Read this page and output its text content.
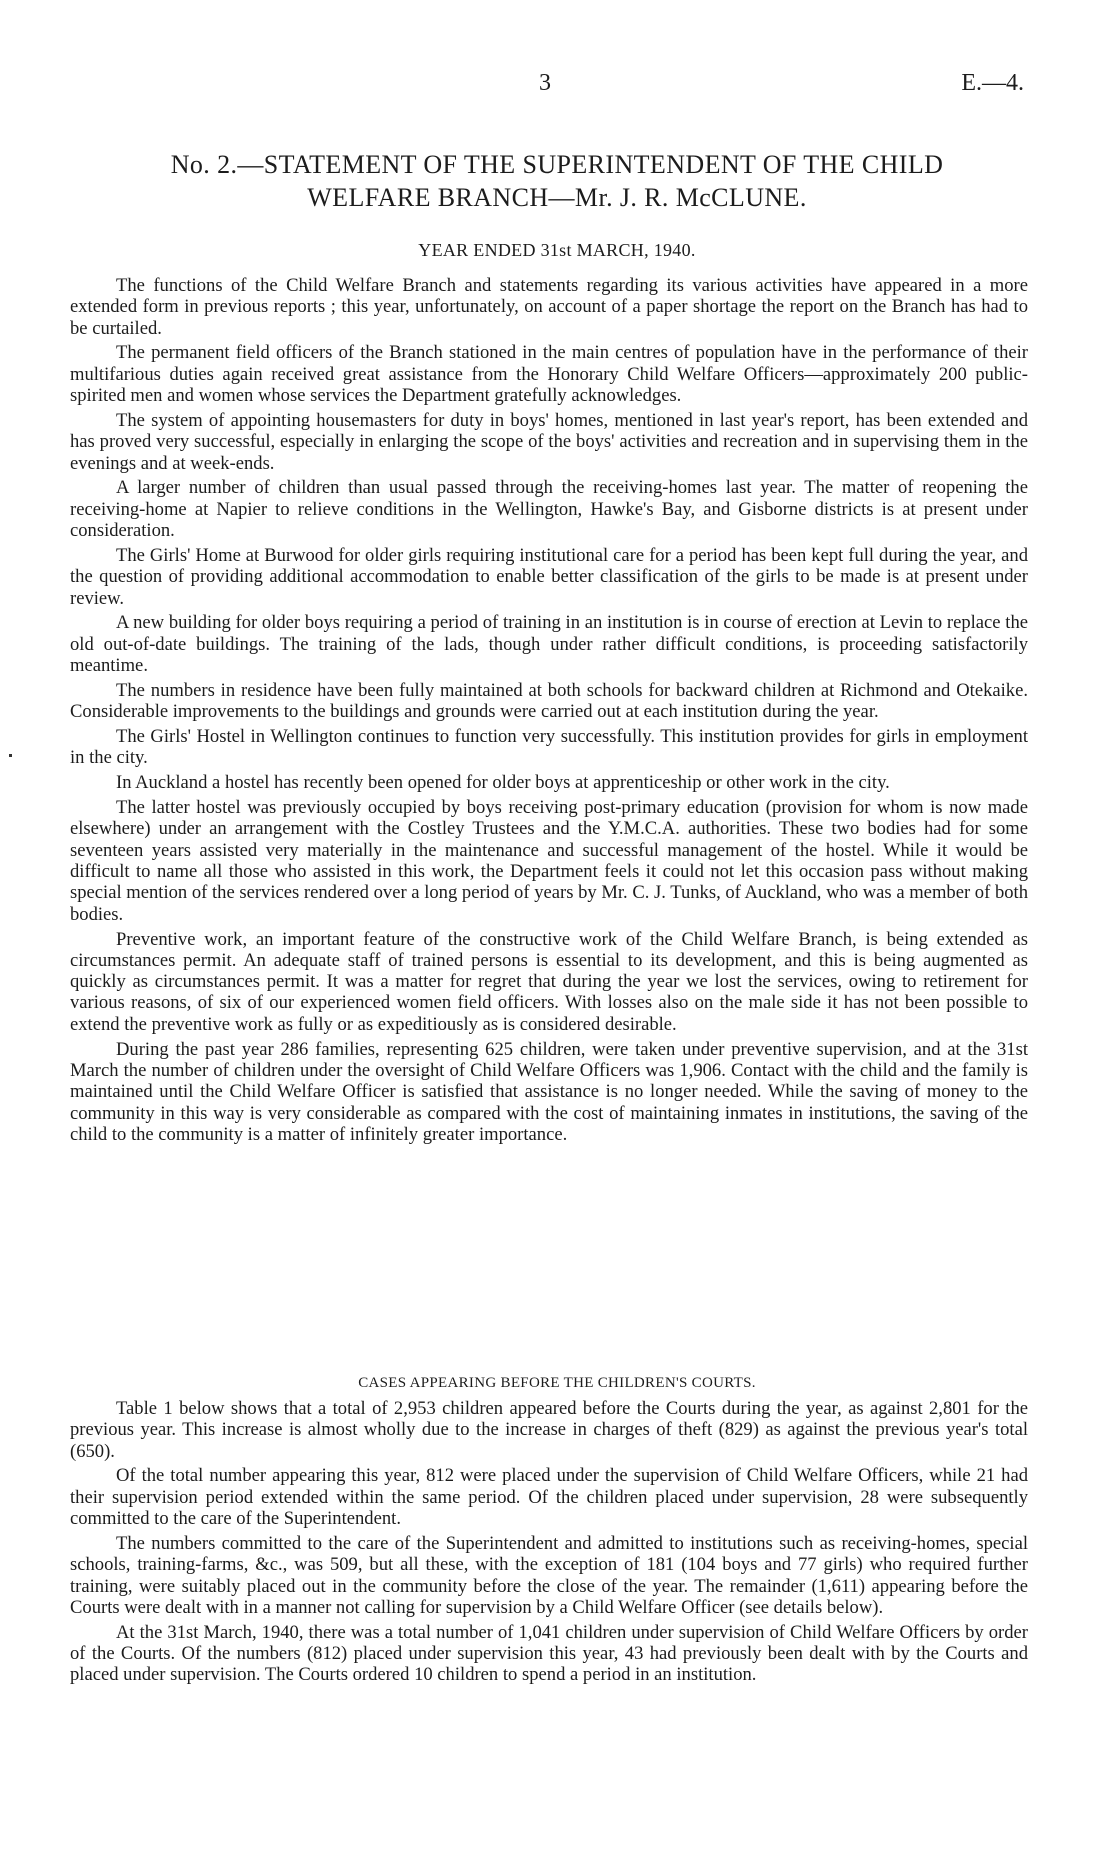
3	E.—4.
No. 2.—STATEMENT OF THE SUPERINTENDENT OF THE CHILD
WELFARE BRANCH—Mr. J. R. McCLUNE.
YEAR ENDED 31st MARCH, 1940.

The functions of the Child Welfare Branch and statements regarding its various activities have appeared in a more extended form in previous reports ; this year, unfortunately, on account of a paper shortage the report on the Branch has had to be curtailed.

The permanent field officers of the Branch stationed in the main centres of population have in the performance of their multifarious duties again received great assistance from the Honorary Child Welfare Officers—approximately 200 public-spirited men and women whose services the Department gratefully acknowledges.

The system of appointing housemasters for duty in boys' homes, mentioned in last year's report, has been extended and has proved very successful, especially in enlarging the scope of the boys' activities and recreation and in supervising them in the evenings and at week-ends.

A larger number of children than usual passed through the receiving-homes last year. The matter of reopening the receiving-home at Napier to relieve conditions in the Wellington, Hawke's Bay, and Gisborne districts is at present under consideration.

The Girls' Home at Burwood for older girls requiring institutional care for a period has been kept full during the year, and the question of providing additional accommodation to enable better classification of the girls to be made is at present under review.

A new building for older boys requiring a period of training in an institution is in course of erection at Levin to replace the old out-of-date buildings. The training of the lads, though under rather difficult conditions, is proceeding satisfactorily meantime.

The numbers in residence have been fully maintained at both schools for backward children at Richmond and Otekaike. Considerable improvements to the buildings and grounds were carried out at each institution during the year.

The Girls' Hostel in Wellington continues to function very successfully. This institution provides for girls in employment in the city.

In Auckland a hostel has recently been opened for older boys at apprenticeship or other work in the city.

The latter hostel was previously occupied by boys receiving post-primary education (provision for whom is now made elsewhere) under an arrangement with the Costley Trustees and the Y.M.C.A. authorities. These two bodies had for some seventeen years assisted very materially in the maintenance and successful management of the hostel. While it would be difficult to name all those who assisted in this work, the Department feels it could not let this occasion pass without making special mention of the services rendered over a long period of years by Mr. C. J. Tunks, of Auckland, who was a member of both bodies.

Preventive work, an important feature of the constructive work of the Child Welfare Branch, is being extended as circumstances permit. An adequate staff of trained persons is essential to its development, and this is being augmented as quickly as circumstances permit. It was a matter for regret that during the year we lost the services, owing to retirement for various reasons, of six of our experienced women field officers. With losses also on the male side it has not been possible to extend the preventive work as fully or as expeditiously as is considered desirable.

During the past year 286 families, representing 625 children, were taken under preventive supervision, and at the 31st March the number of children under the oversight of Child Welfare Officers was 1,906. Contact with the child and the family is maintained until the Child Welfare Officer is satisfied that assistance is no longer needed. While the saving of money to the community in this way is very considerable as compared with the cost of maintaining inmates in institutions, the saving of the child to the community is a matter of infinitely greater importance.

CASES APPEARING BEFORE THE CHILDREN'S COURTS.

Table 1 below shows that a total of 2,953 children appeared before the Courts during the year, as against 2,801 for the previous year. This increase is almost wholly due to the increase in charges of theft (829) as against the previous year's total (650).

Of the total number appearing this year, 812 were placed under the supervision of Child Welfare Officers, while 21 had their supervision period extended within the same period. Of the children placed under supervision, 28 were subsequently committed to the care of the Superintendent.

The numbers committed to the care of the Superintendent and admitted to institutions such as receiving-homes, special schools, training-farms, &c., was 509, but all these, with the exception of 181 (104 boys and 77 girls) who required further training, were suitably placed out in the community before the close of the year. The remainder (1,611) appearing before the Courts were dealt with in a manner not calling for supervision by a Child Welfare Officer (see details below).

At the 31st March, 1940, there was a total number of 1,041 children under supervision of Child Welfare Officers by order of the Courts. Of the numbers (812) placed under supervision this year, 43 had previously been dealt with by the Courts and placed under supervision. The Courts ordered 10 children to spend a period in an institution.
